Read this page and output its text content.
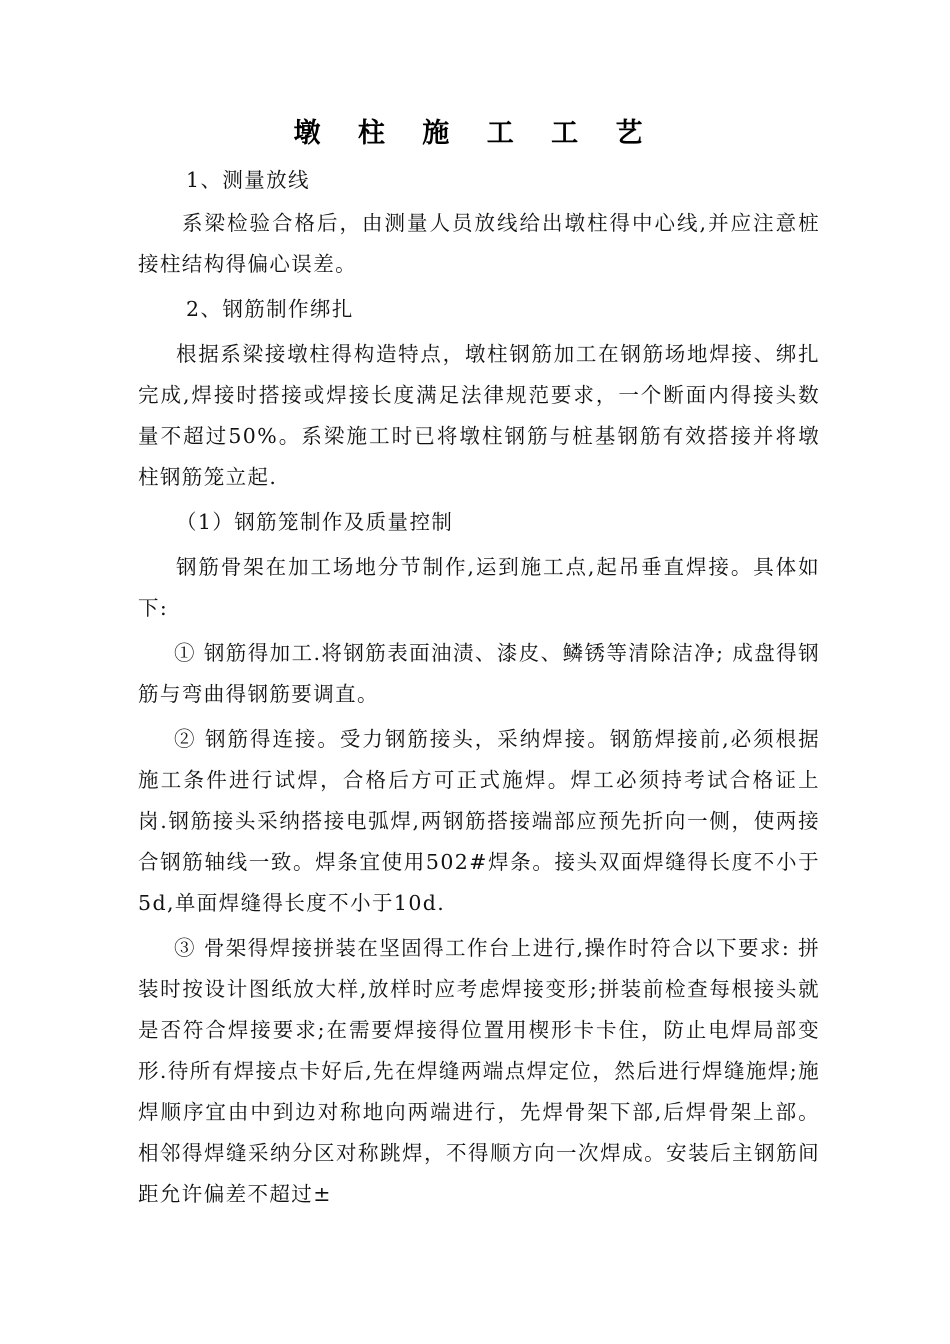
墩 柱 施 工 工 艺

1、测量放线

系梁检验合格后，由测量人员放线给出墩柱得中心线,并应注意桩接柱结构得偏心误差。

2、钢筋制作绑扎

根据系梁接墩柱得构造特点，墩柱钢筋加工在钢筋场地焊接、绑扎完成,焊接时搭接或焊接长度满足法律规范要求，一个断面内得接头数量不超过50%。系梁施工时已将墩柱钢筋与桩基钢筋有效搭接并将墩柱钢筋笼立起.

（1）钢筋笼制作及质量控制

钢筋骨架在加工场地分节制作,运到施工点,起吊垂直焊接。具体如下:

① 钢筋得加工.将钢筋表面油渍、漆皮、鳞锈等清除洁净; 成盘得钢筋与弯曲得钢筋要调直。

② 钢筋得连接。受力钢筋接头，采纳焊接。钢筋焊接前,必须根据施工条件进行试焊，合格后方可正式施焊。焊工必须持考试合格证上岗.钢筋接头采纳搭接电弧焊,两钢筋搭接端部应预先折向一侧，使两接合钢筋轴线一致。焊条宜使用502#焊条。接头双面焊缝得长度不小于5d,单面焊缝得长度不小于10d.

③ 骨架得焊接拼装在坚固得工作台上进行,操作时符合以下要求: 拼装时按设计图纸放大样,放样时应考虑焊接变形;拼装前检查每根接头就是否符合焊接要求;在需要焊接得位置用楔形卡卡住，防止电焊局部变形.待所有焊接点卡好后,先在焊缝两端点焊定位，然后进行焊缝施焊;施焊顺序宜由中到边对称地向两端进行，先焊骨架下部,后焊骨架上部。相邻得焊缝采纳分区对称跳焊，不得顺方向一次焊成。安装后主钢筋间距允许偏差不超过±
